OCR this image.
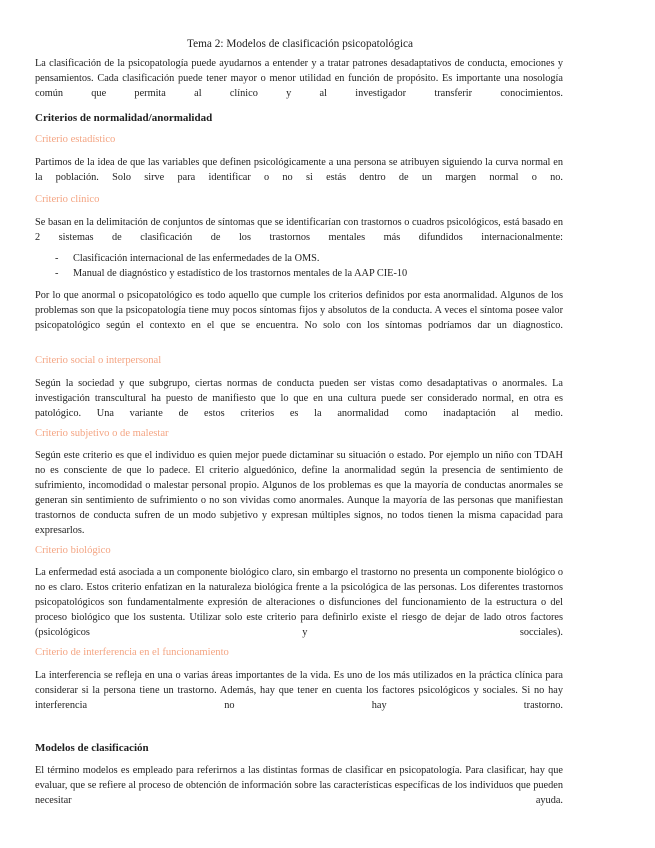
Tema 2: Modelos de clasificación psicopatológica
La clasificación de la psicopatología puede ayudarnos a entender y a tratar patrones desadaptativos de conducta, emociones y pensamientos. Cada clasificación puede tener mayor o menor utilidad en función de propósito. Es importante una nosología común que permita al clínico y al investigador transferir conocimientos.
Criterios de normalidad/anormalidad
Criterio estadístico
Partimos de la idea de que las variables que definen psicológicamente a una persona se atribuyen siguiendo la curva normal en la población. Solo sirve para identificar o no si estás dentro de un margen normal o no.
Criterio clínico
Se basan en la delimitación de conjuntos de síntomas que se identificarían con trastornos o cuadros psicológicos, está basado en 2 sistemas de clasificación de los trastornos mentales más difundidos internacionalmente:
- Clasificación internacional de las enfermedades de la OMS.
- Manual de diagnóstico y estadístico de los trastornos mentales de la AAP CIE-10
Por lo que anormal o psicopatológico es todo aquello que cumple los criterios definidos por esta anormalidad. Algunos de los problemas son que la psicopatología tiene muy pocos síntomas fijos y absolutos de la conducta. A veces el síntoma posee valor psicopatológico según el contexto en el que se encuentra. No solo con los síntomas podríamos dar un diagnostico.
Criterio social o interpersonal
Según la sociedad y que subgrupo, ciertas normas de conducta pueden ser vistas como desadaptativas o anormales. La investigación transcultural ha puesto de manifiesto que lo que en una cultura puede ser considerado normal, en otra es patológico. Una variante de estos criterios es la anormalidad como inadaptación al medio.
Criterio subjetivo o de malestar
Según este criterio es que el individuo es quien mejor puede dictaminar su situación o estado. Por ejemplo un niño con TDAH no es consciente de que lo padece. El criterio alguedónico, define la anormalidad según la presencia de sentimiento de sufrimiento, incomodidad o malestar personal propio. Algunos de los problemas es que la mayoría de conductas anormales se generan sin sentimiento de sufrimiento o no son vividas como anormales. Aunque la mayoría de las personas que manifiestan trastornos de conducta sufren de un modo subjetivo y expresan múltiples signos, no todos tienen la misma capacidad para expresarlos.
Criterio biológico
La enfermedad está asociada a un componente biológico claro, sin embargo el trastorno no presenta un componente biológico o no es claro. Estos criterio enfatizan en la naturaleza biológica frente a la psicológica de las personas. Los diferentes trastornos psicopatológicos son fundamentalmente expresión de alteraciones o disfunciones del funcionamiento de la estructura o del proceso biológico que los sustenta. Utilizar solo este criterio para definirlo existe el riesgo de dejar de lado otros factores (psicológicos y socciales).
Criterio de interferencia en el funcionamiento
La interferencia se refleja en una o varias áreas importantes de la vida. Es uno de los más utilizados en la práctica clínica para considerar si la persona tiene un trastorno. Además, hay que tener en cuenta los factores psicológicos y sociales. Si no hay interferencia no hay trastorno.
Modelos de clasificación
El término modelos es empleado para referirnos a las distintas formas de clasificar en psicopatología. Para clasificar, hay que evaluar, que se refiere al proceso de obtención de información sobre las características específicas de los individuos que pueden necesitar ayuda.
